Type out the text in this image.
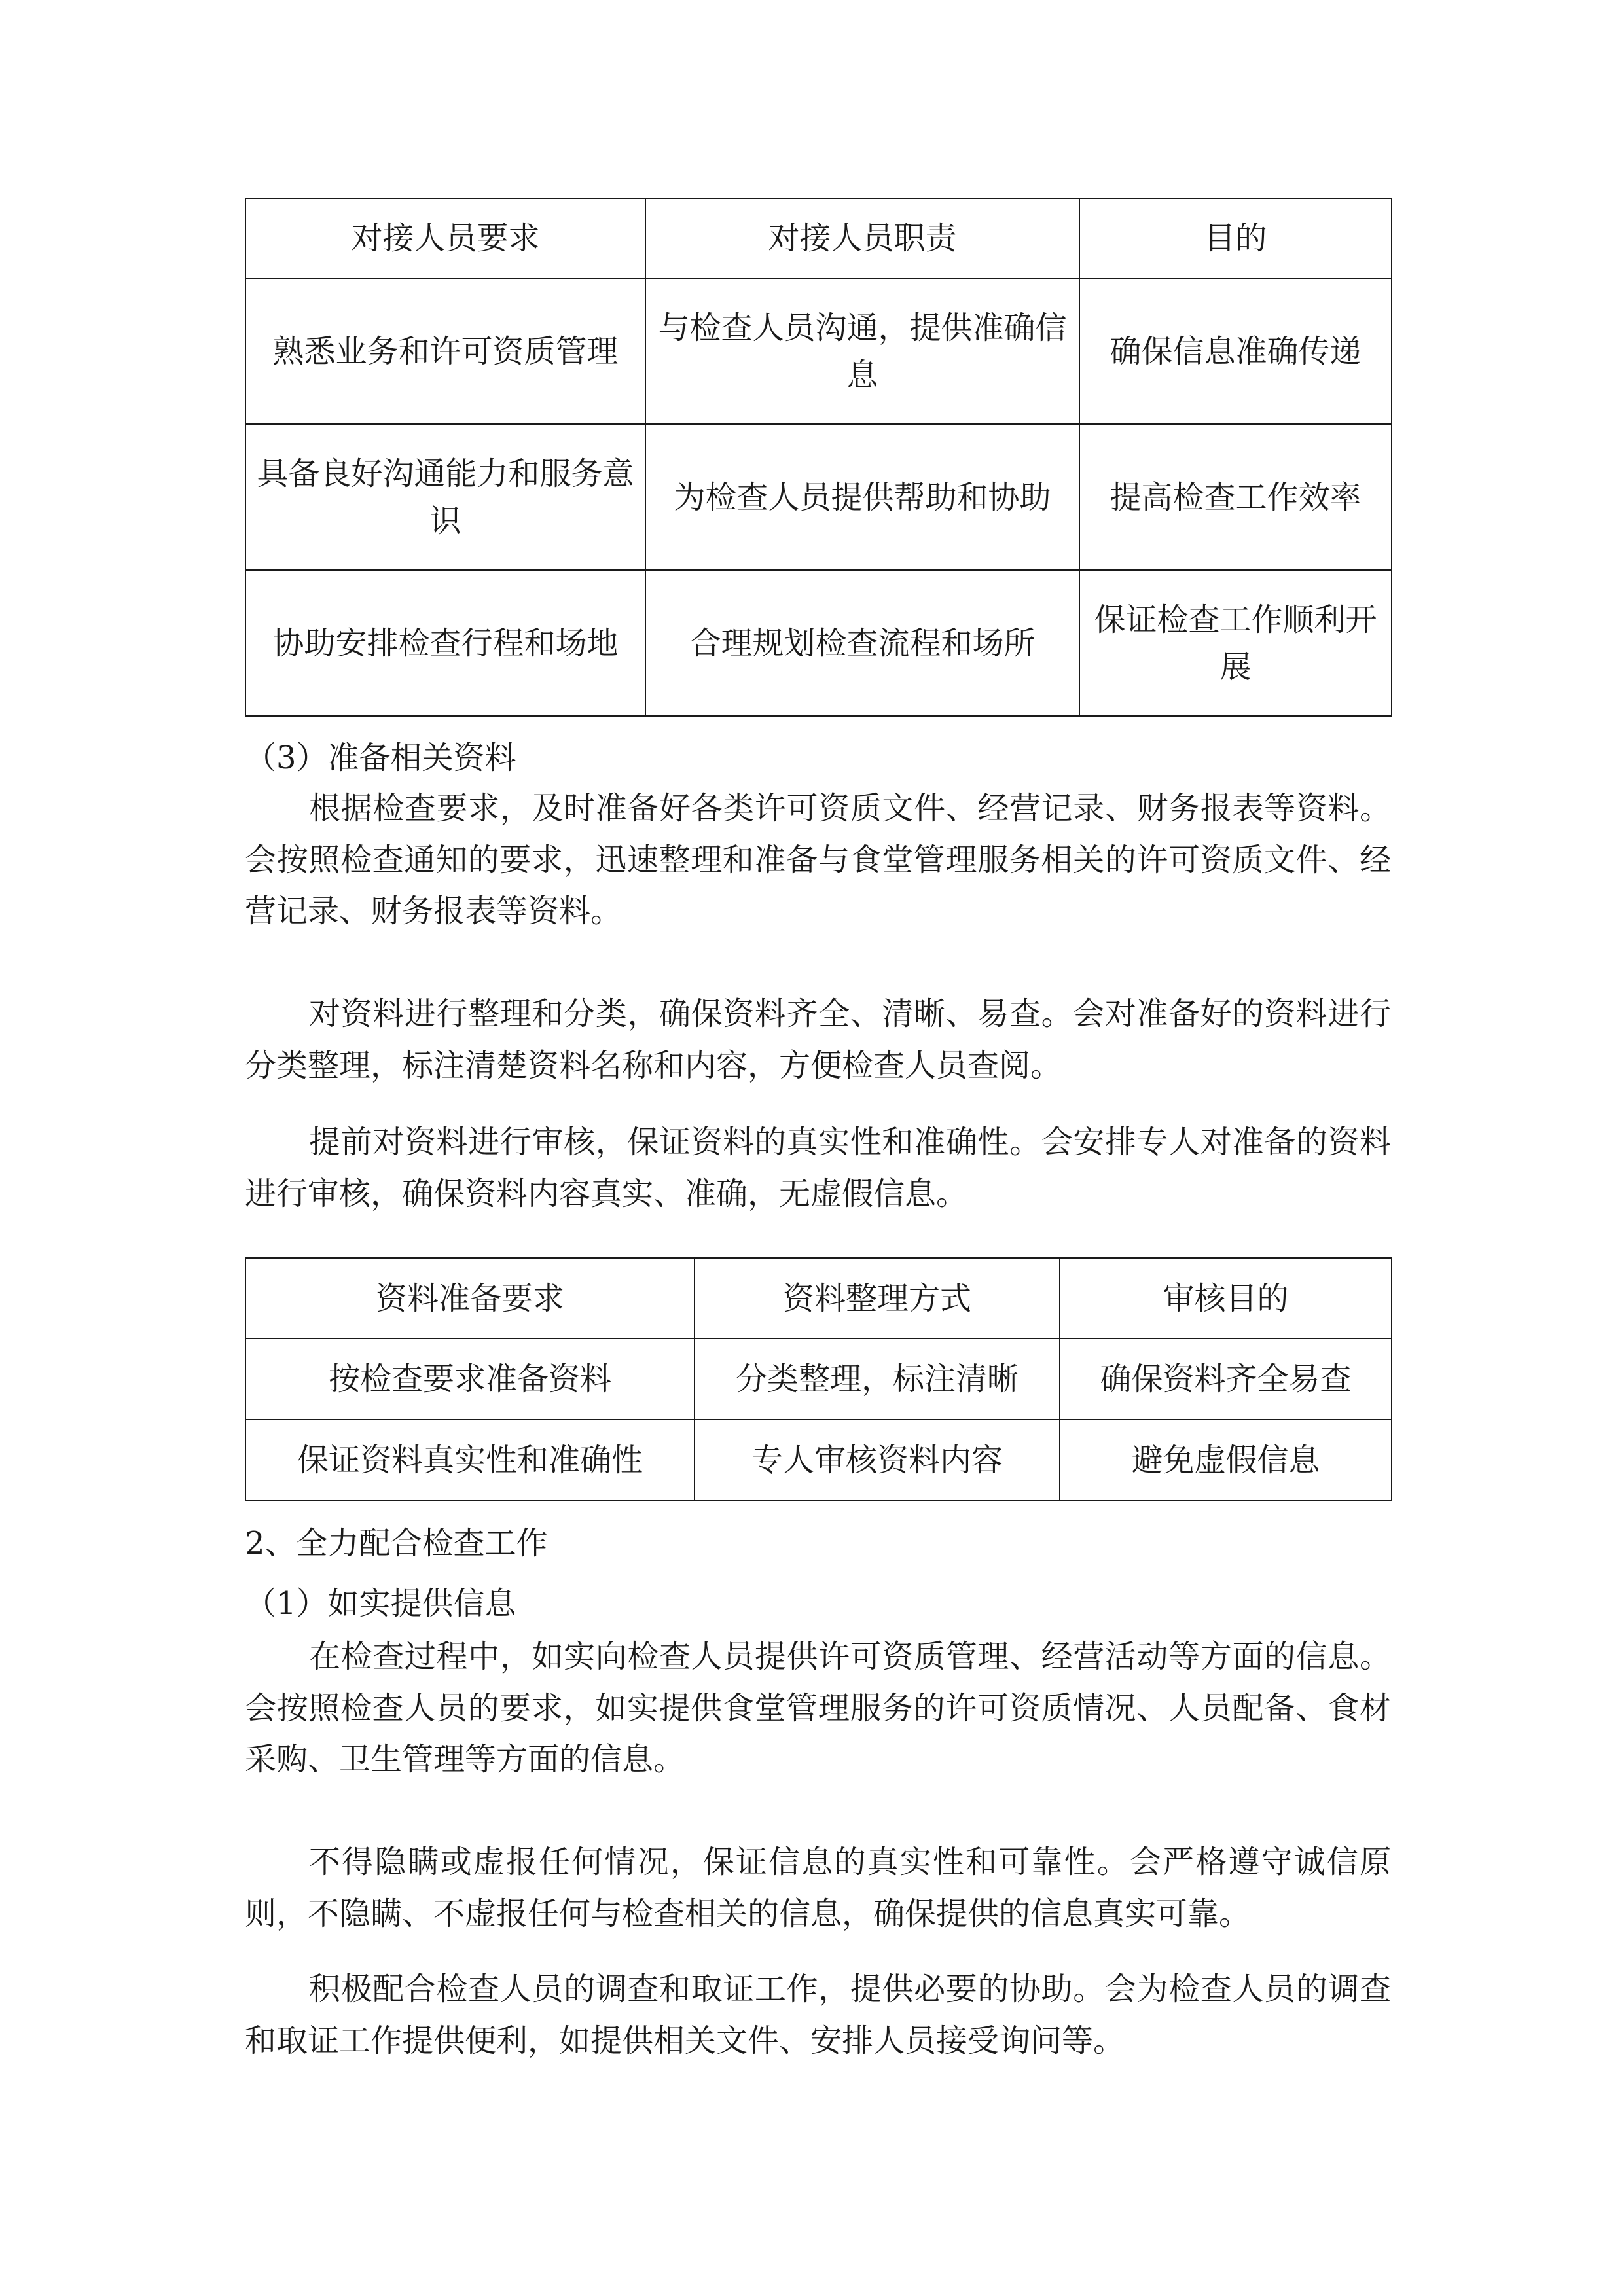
对接人员要求	对接人员职责	目的
熟悉业务和许可资质管理	与检查人员沟通，提供准确信息	确保信息准确传递
具备良好沟通能力和服务意识	为检查人员提供帮助和协助	提高检查工作效率
协助安排检查行程和场地	合理规划检查流程和场所	保证检查工作顺利开展
（3）准备相关资料

根据检查要求，及时准备好各类许可资质文件、经营记录、财务报表等资料。会按照检查通知的要求，迅速整理和准备与食堂管理服务相关的许可资质文件、经营记录、财务报表等资料。

对资料进行整理和分类，确保资料齐全、清晰、易查。会对准备好的资料进行分类整理，标注清楚资料名称和内容，方便检查人员查阅。

提前对资料进行审核，保证资料的真实性和准确性。会安排专人对准备的资料进行审核，确保资料内容真实、准确，无虚假信息。

资料准备要求	资料整理方式	审核目的
按检查要求准备资料	分类整理，标注清晰	确保资料齐全易查
保证资料真实性和准确性	专人审核资料内容	避免虚假信息
2、全力配合检查工作
（1）如实提供信息

在检查过程中，如实向检查人员提供许可资质管理、经营活动等方面的信息。会按照检查人员的要求，如实提供食堂管理服务的许可资质情况、人员配备、食材采购、卫生管理等方面的信息。

不得隐瞒或虚报任何情况，保证信息的真实性和可靠性。会严格遵守诚信原则，不隐瞒、不虚报任何与检查相关的信息，确保提供的信息真实可靠。

积极配合检查人员的调查和取证工作，提供必要的协助。会为检查人员的调查和取证工作提供便利，如提供相关文件、安排人员接受询问等。
